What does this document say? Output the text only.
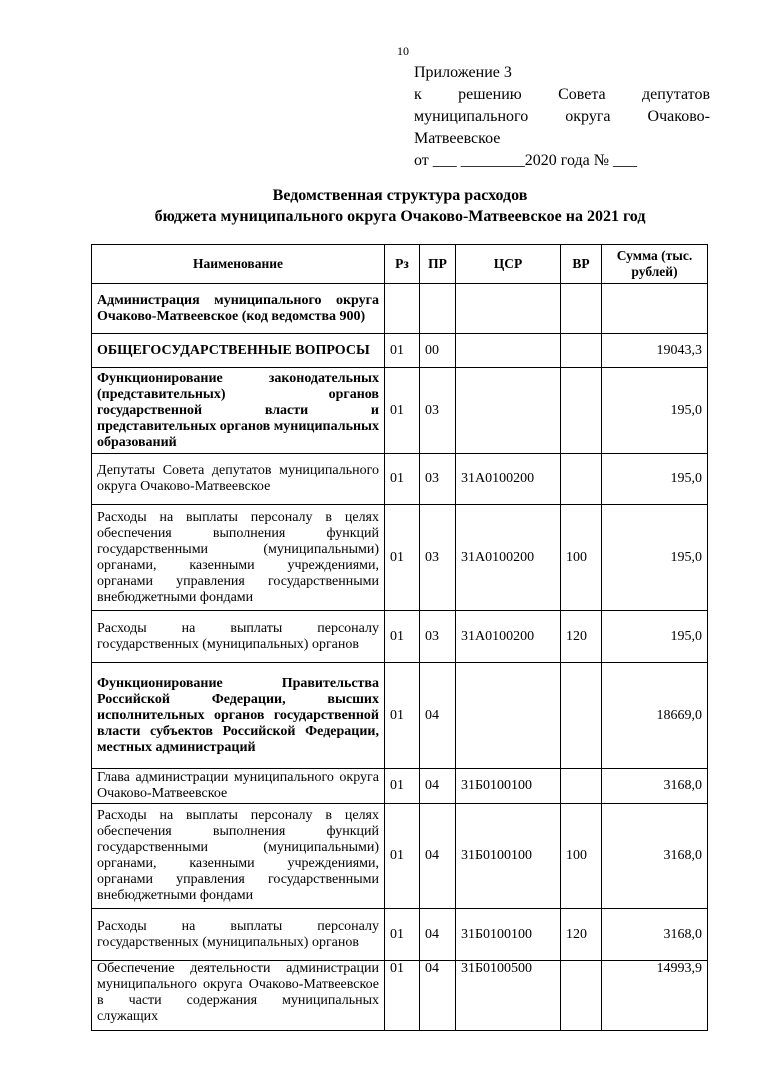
10
Приложение 3
к решению Совета депутатов
муниципального округа Очаково-
Матвеевское
от ___ ________2020 года № ___
Ведомственная структура расходов
бюджета муниципального округа Очаково-Матвеевское на 2021 год
Наименование	Рз	ПР	ЦСР	ВР	Сумма (тыс. рублей)
Администрация муниципального округа Очаково-Матвеевское (код ведомства 900)					
ОБЩЕГОСУДАРСТВЕННЫЕ ВОПРОСЫ	01	00			19043,3
Функционирование законодательных (представительных) органов государственной власти и представительных органов муниципальных образований	01	03			195,0
Депутаты Совета депутатов муниципального округа Очаково-Матвеевское	01	03	31А0100200		195,0
Расходы на выплаты персоналу в целях обеспечения выполнения функций государственными (муниципальными) органами, казенными учреждениями, органами управления государственными внебюджетными фондами	01	03	31А0100200	100	195,0
Расходы на выплаты персоналу государственных (муниципальных) органов	01	03	31А0100200	120	195,0
Функционирование Правительства Российской Федерации, высших исполнительных органов государственной власти субъектов Российской Федерации, местных администраций	01	04			18669,0
Глава администрации муниципального округа Очаково-Матвеевское	01	04	31Б0100100		3168,0
Расходы на выплаты персоналу в целях обеспечения выполнения функций государственными (муниципальными) органами, казенными учреждениями, органами управления государственными внебюджетными фондами	01	04	31Б0100100	100	3168,0
Расходы на выплаты персоналу государственных (муниципальных) органов	01	04	31Б0100100	120	3168,0
Обеспечение деятельности администрации муниципального округа Очаково-Матвеевское в части содержания муниципальных служащих	01	04	31Б0100500		14993,9
